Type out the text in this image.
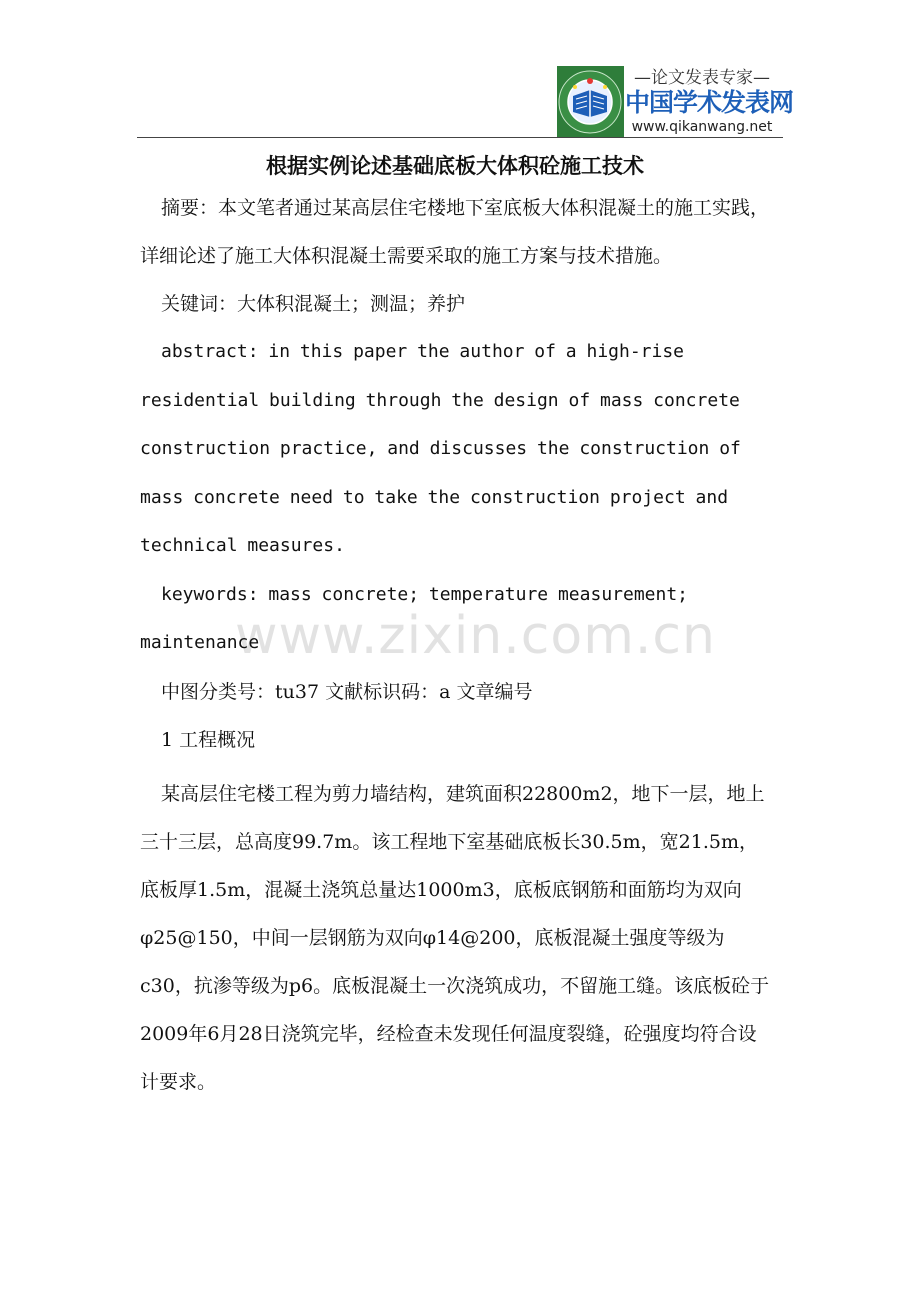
—论文发表专家—
中国学术发表网
www.qikanwang.net
www.zixin.com.cn
根据实例论述基础底板大体积砼施工技术

摘要：本文笔者通过某高层住宅楼地下室底板大体积混凝土的施工实践，详细论述了施工大体积混凝土需要采取的施工方案与技术措施。

关键词：大体积混凝土；测温；养护

abstract: in this paper the author of a high-rise residential building through the design of mass concrete construction practice, and discusses the construction of mass concrete need to take the construction project and technical measures.

keywords: mass concrete; temperature measurement; maintenance

中图分类号：tu37 文献标识码：a 文章编号

1 工程概况

某高层住宅楼工程为剪力墙结构，建筑面积22800m2，地下一层，地上三十三层，总高度99.7m。该工程地下室基础底板长30.5m，宽21.5m，底板厚1.5m，混凝土浇筑总量达1000m3，底板底钢筋和面筋均为双向φ25@150，中间一层钢筋为双向φ14@200，底板混凝土强度等级为c30，抗渗等级为p6。底板混凝土一次浇筑成功，不留施工缝。该底板砼于2009年6月28日浇筑完毕，经检查未发现任何温度裂缝，砼强度均符合设计要求。
